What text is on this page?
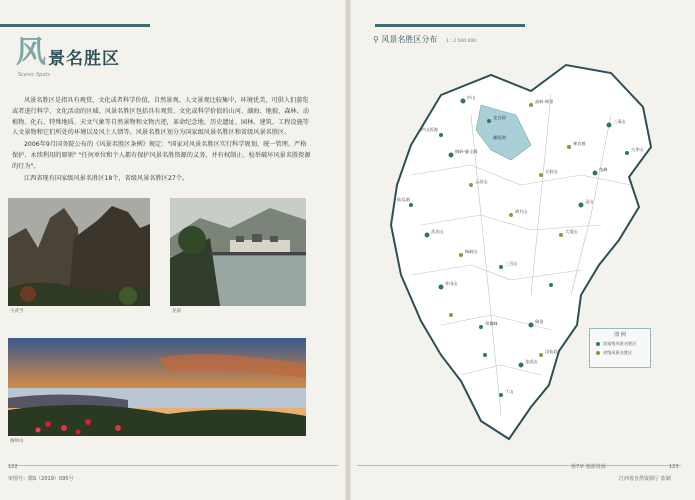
风 景名胜区
Scenic Spots

风景名胜区是指具有观赏、文化或者科学价值，自然景观、人文景观比较集中，环境优美，可供人们游览或者进行科学、文化活动的区域。风景名胜区包括具有观赏、文化或科学价值的山河、湖海、地貌、森林、动植物、化石、特殊地质、天文气象等自然景物和文物古迹，革命纪念地、历史遗址、园林、建筑、工程设施等人文景物和它们所处的环境以及风土人情等。风景名胜区划分为国家级风景名胜区和省级风景名胜区。

2006年9月国务院公布的《风景名胜区条例》规定："国家对风景名胜区实行科学规划、统一管理、严格保护、永续利用的原则" "任何单位和个人都有保护风景名胜资源的义务，并有权制止、检举破坏风景名胜资源的行为"。

江西省现有国家级风景名胜区18个，省级风景名胜区27个。

小武当	龙南
梅岭山
122
审图号：赣S（2019）095号
⚲ 风景名胜区分布 1 : 2 500 000
庐山
龙宫洞
庐山西海
三清山
大茅山
龟峰
灵山
梅岭-滕王阁
仙女湖
武功山
井冈山
三百山
翠微峰	瑞金
高岭-瑶里
神农源
鄱阳湖
大觉山
杨岐山
汉仙岩
云居山
明月山
天柱山
龙虎山
丫山
图 例
国家级风景名胜区
省级风景名胜区
第7章 旅游资源	123
江西省自然资源厅 监制
